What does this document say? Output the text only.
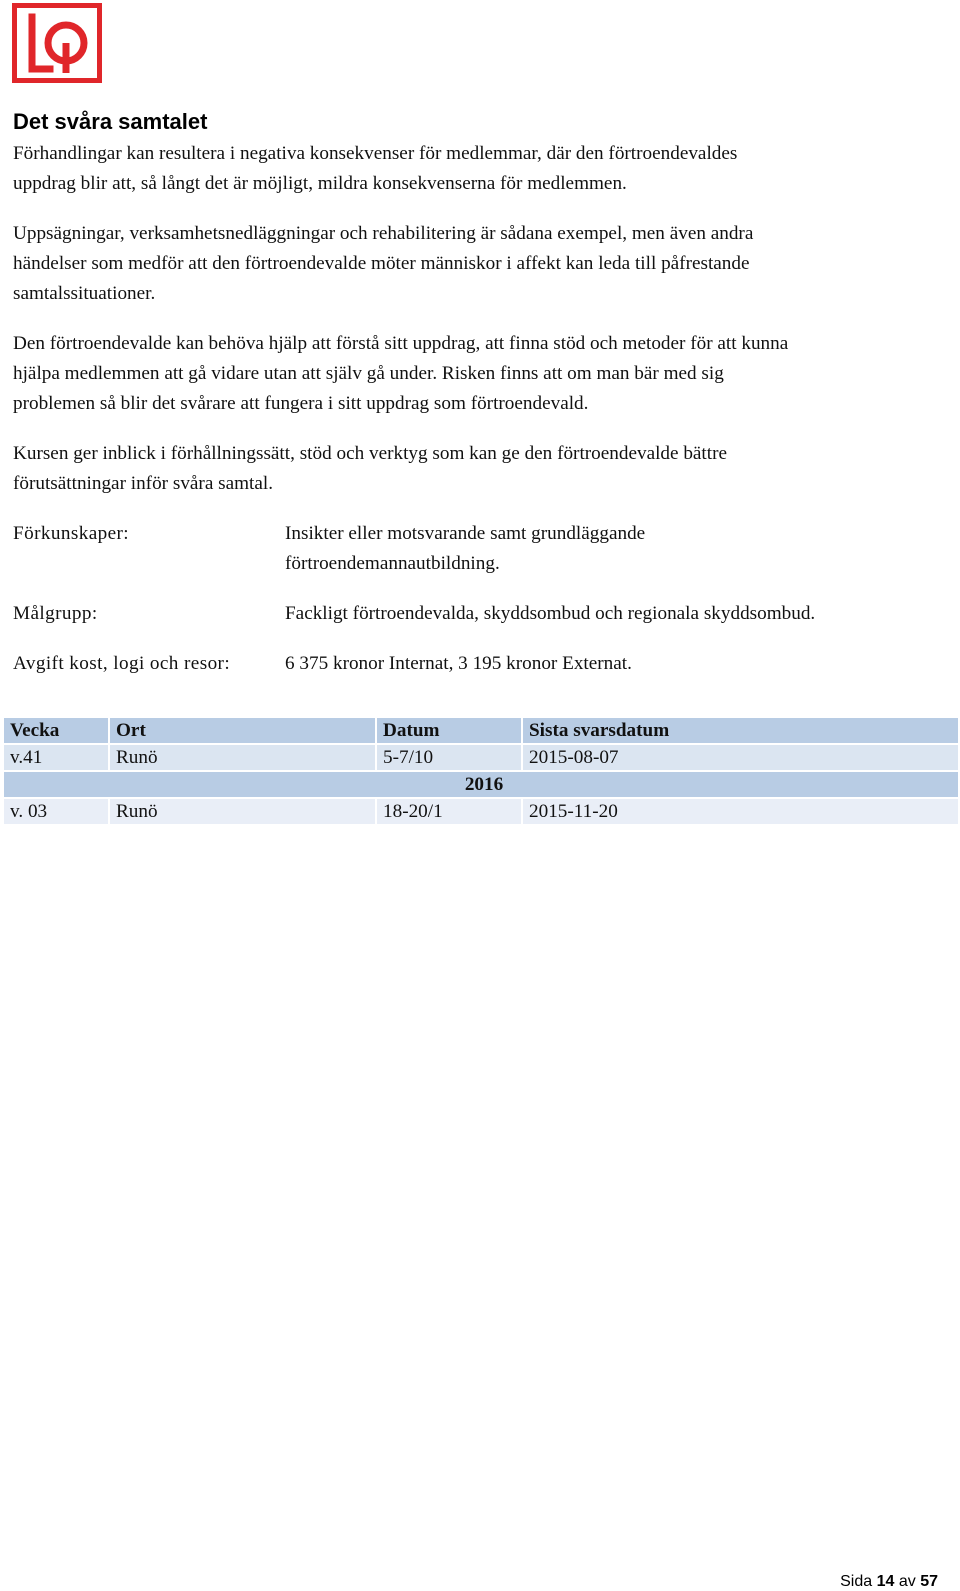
Det svåra samtalet

Förhandlingar kan resultera i negativa konsekvenser för medlemmar, där den förtroendevaldes
uppdrag blir att, så långt det är möjligt, mildra konsekvenserna för medlemmen.

Uppsägningar, verksamhetsnedläggningar och rehabilitering är sådana exempel, men även andra
händelser som medför att den förtroendevalde möter människor i affekt kan leda till påfrestande
samtalssituationer.

Den förtroendevalde kan behöva hjälp att förstå sitt uppdrag, att finna stöd och metoder för att kunna
hjälpa medlemmen att gå vidare utan att själv gå under. Risken finns att om man bär med sig
problemen så blir det svårare att fungera i sitt uppdrag som förtroendevald.

Kursen ger inblick i förhållningssätt, stöd och verktyg som kan ge den förtroendevalde bättre
förutsättningar inför svåra samtal.

Förkunskaper:	Insikter eller motsvarande samt grundläggande
förtroendemannautbildning.
Målgrupp:	Fackligt förtroendevalda, skyddsombud och regionala skyddsombud.
Avgift kost, logi och resor:	6 375 kronor Internat, 3 195 kronor Externat.
Vecka	Ort	Datum	Sista svarsdatum
v.41	Runö	5-7/10	2015-08-07
2016			
v. 03	Runö	18-20/1	2015-11-20
Sida 14 av 57
